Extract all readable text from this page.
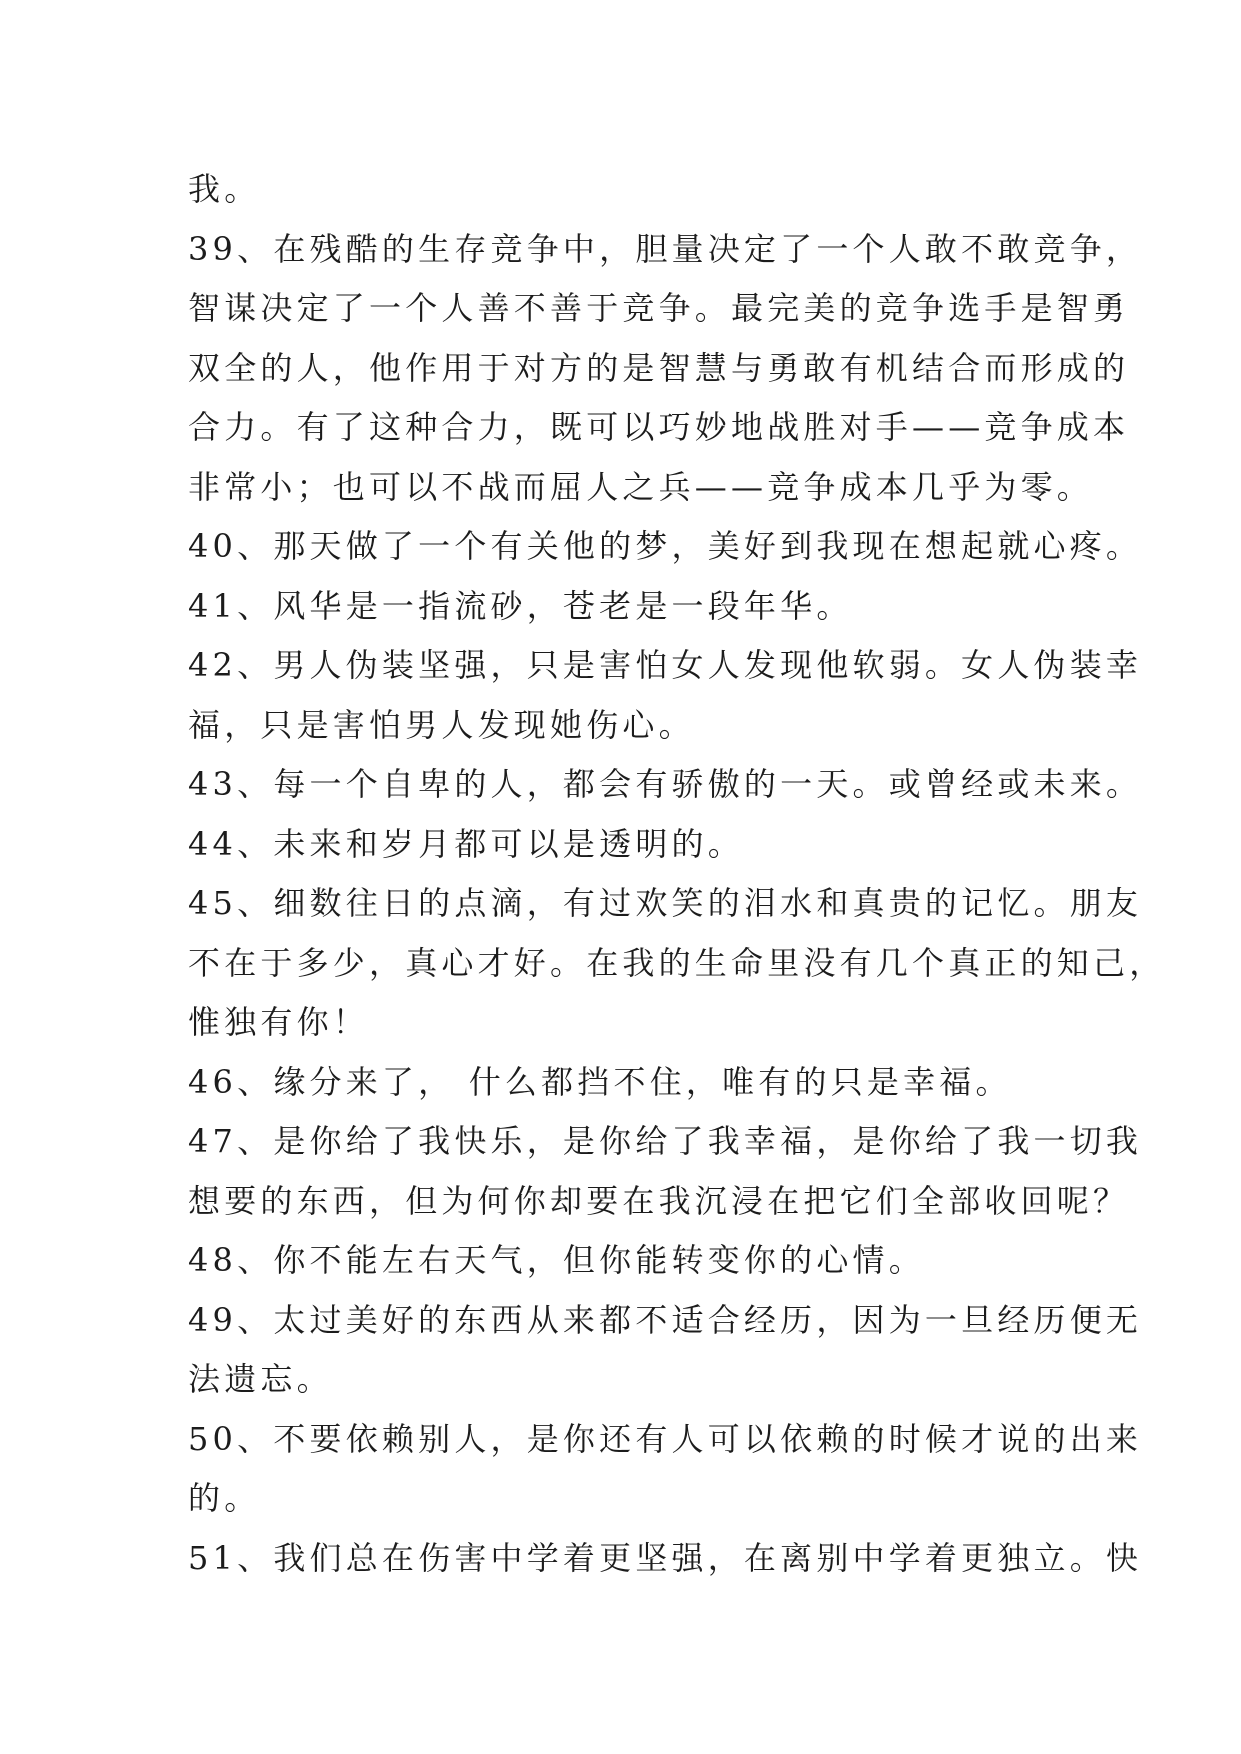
我。
39、在残酷的生存竞争中，胆量决定了一个人敢不敢竞争，
智谋决定了一个人善不善于竞争。最完美的竞争选手是智勇
双全的人，他作用于对方的是智慧与勇敢有机结合而形成的
合力。有了这种合力，既可以巧妙地战胜对手——竞争成本
非常小；也可以不战而屈人之兵——竞争成本几乎为零。
40、那天做了一个有关他的梦，美好到我现在想起就心疼。
41、风华是一指流砂，苍老是一段年华。
42、男人伪装坚强，只是害怕女人发现他软弱。女人伪装幸
福，只是害怕男人发现她伤心。
43、每一个自卑的人，都会有骄傲的一天。或曾经或未来。
44、未来和岁月都可以是透明的。
45、细数往日的点滴，有过欢笑的泪水和真贵的记忆。朋友
不在于多少，真心才好。在我的生命里没有几个真正的知己，
惟独有你！
46、缘分来了， 什么都挡不住，唯有的只是幸福。
47、是你给了我快乐，是你给了我幸福，是你给了我一切我
想要的东西，但为何你却要在我沉浸在把它们全部收回呢？
48、你不能左右天气，但你能转变你的心情。
49、太过美好的东西从来都不适合经历，因为一旦经历便无
法遗忘。
50、不要依赖别人，是你还有人可以依赖的时候才说的出来
的。
51、我们总在伤害中学着更坚强，在离别中学着更独立。快
